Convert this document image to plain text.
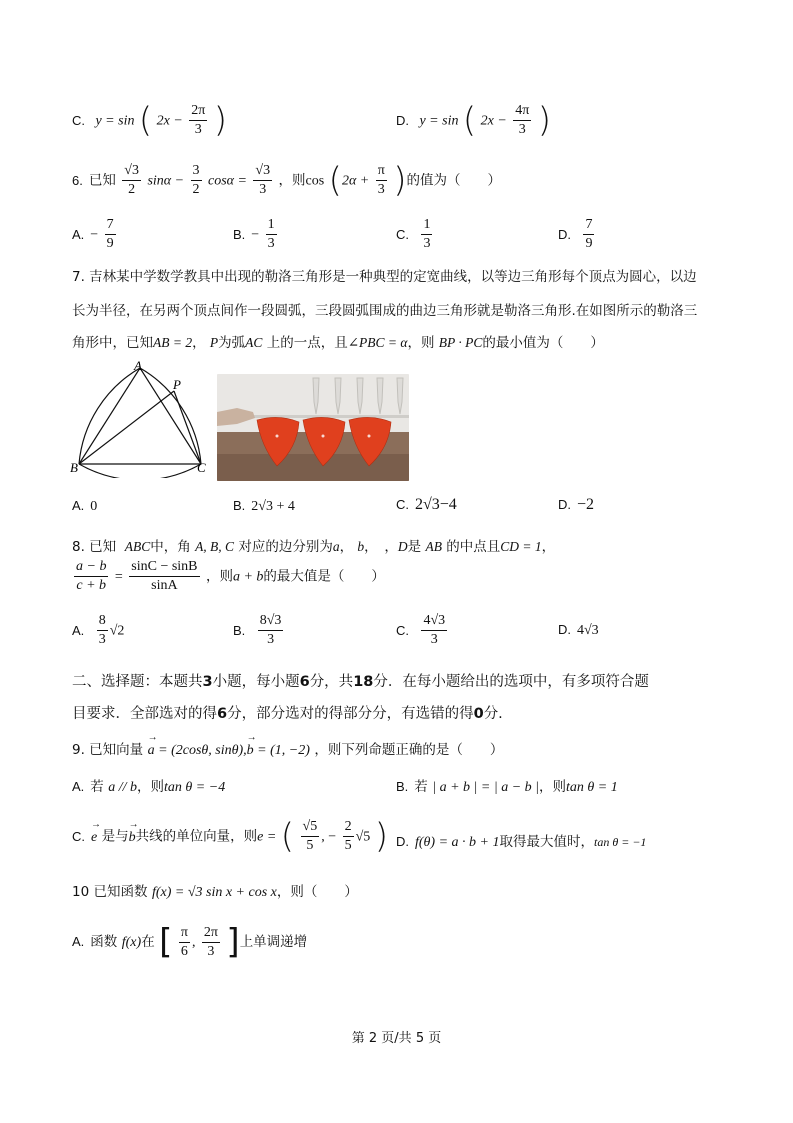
C. y = sin ( $2x - \frac{2\pi}{3}$ )	D. y = sin ( $2x - \frac{4\pi}{3}$ )
6. 已知 $\frac{√3}{2}$ $\sin\alpha - \frac{3}{2}$ $\cos\alpha = \frac{√3}{3}$ ，则$\cos (2\alpha + \frac{\pi}{3}$ )的值为（　　）
A. − $\frac{7}{9}$	B. − $\frac{1}{3}$	C. $\frac{1}{3}$	D. $\frac{7}{9}$
7. 吉林某中学数学教具中出现的勒洛三角形是一种典型的定宽曲线，以等边三角形每个顶点为圆心，以边
长为半径，在另两个顶点间作一段圆弧，三段圆弧围成的曲边三角形就是勒洛三角形.在如图所示的勒洛三
角形中，已知AB = 2， P为弧AC 上的一点，且∠PBC = α，则 BP · PC的最小值为（　　）
A
B	C
P
A. 0	B. 2√3 + 4	C. 2√3−4	D. −2
8. 已知 ABC中，角 A, B, C 对应的边分别为a， b，　，D是 AB 的中点且CD = 1，
$\frac{a - b}{c + b} = \frac{\sin C - \sin B}{\sin A}$ ，则a + b的最大值是（　　）
A. $\frac{8}{3} √2$	B. $\frac{8√3}{3}$	C. $\frac{4√3}{3}$	D. 4√3
二、选择题：本题共3小题，每小题6分，共18分．在每小题给出的选项中，有多项符合题
目要求．全部选对的得6分，部分选对的得部分分，有选错的得0分.
9. 已知向量 → a = (2cosθ, sinθ),→ b = (1, −2) ，则下列命题正确的是（　　）
A. 若 a // b，则tan θ = −4	B. 若 | a + b | = | a − b |，则tan θ = 1
C. → e 是与→ b共线的单位向量，则e = ( $\frac{√5}{5}$ , − $\frac{2}{5} √5$ ) D. f(θ) = a · b + 1取得最大值时，tan θ = −1
10 已知函数 f(x) = √3 sin x + cos x，则（　　）
A. 函数 f(x)在 [ $\frac{\pi}{6}$ , $\frac{2\pi}{3}$ ]上单调递增
第 2 页/共 5 页
